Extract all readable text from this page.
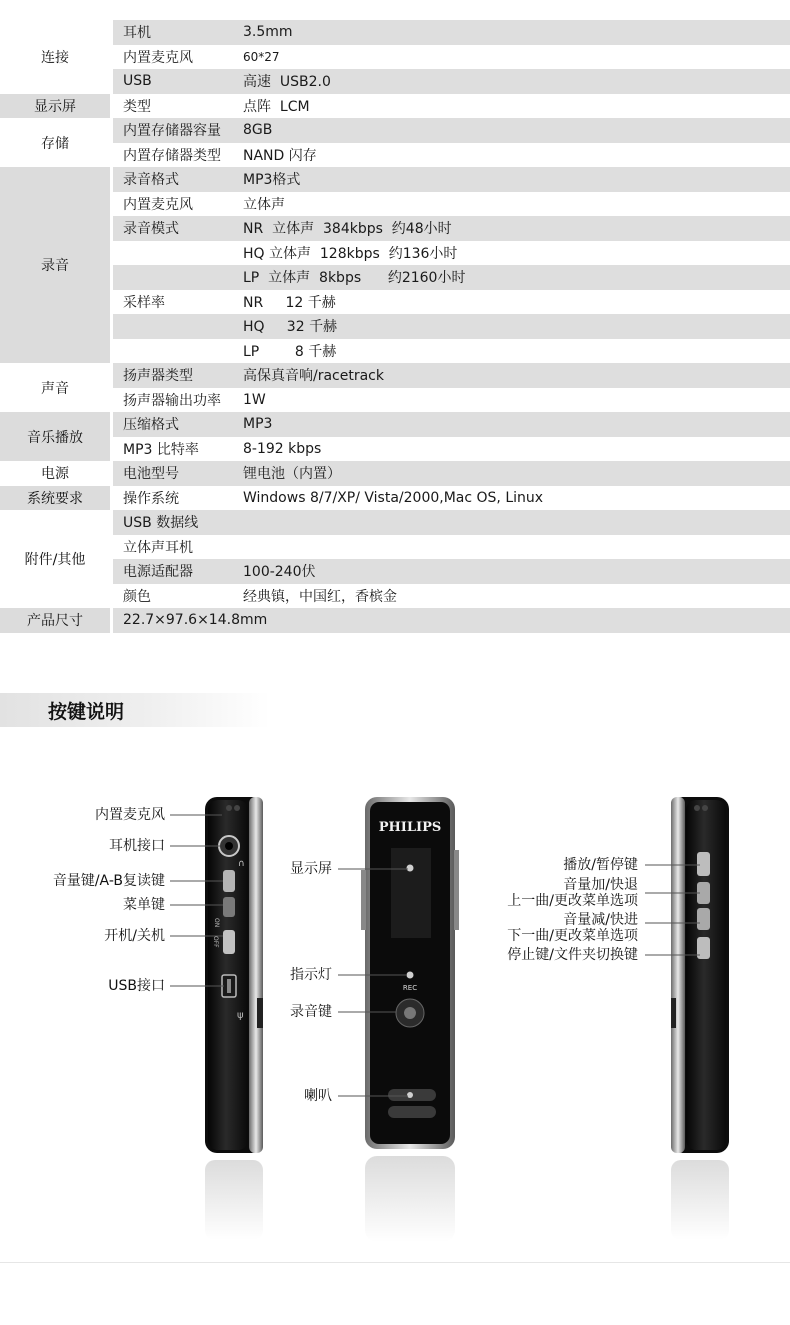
连接
耳机	3.5mm
内置麦克风	60*27
USB	高速  USB2.0
显示屏	类型	点阵  LCM
存储
内置存储器容量	8GB
内置存储器类型	NAND 闪存
录音
录音格式	MP3格式
内置麦克风	立体声
录音模式	NR  立体声  384kbps  约48小时
HQ 立体声  128kbps  约136小时
LP  立体声  8kbps      约2160小时
采样率	NR     12 千赫
HQ     32 千赫
LP        8 千赫
声音
扬声器类型	高保真音响/racetrack
扬声器输出功率	1W
音乐播放
压缩格式	MP3
MP3 比特率	8-192 kbps
电源	电池型号	锂电池（内置）
系统要求	操作系统	Windows 8/7/XP/ Vista/2000,Mac OS, Linux
附件/其他
USB 数据线
立体声耳机
电源适配器	100-240伏
颜色	经典镇，中国红，香槟金
产品尺寸	22.7×97.6×14.8mm
按键说明
∩
ON
OFF
ψ
PHILIPS
REC
内置麦克风
耳机接口
音量键/A-B复读键
菜单键
开机/关机
USB接口
显示屏
指示灯
录音键
喇叭
播放/暂停键
音量加/快退
上一曲/更改菜单选项
音量减/快进
下一曲/更改菜单选项
停止键/文件夹切换键
